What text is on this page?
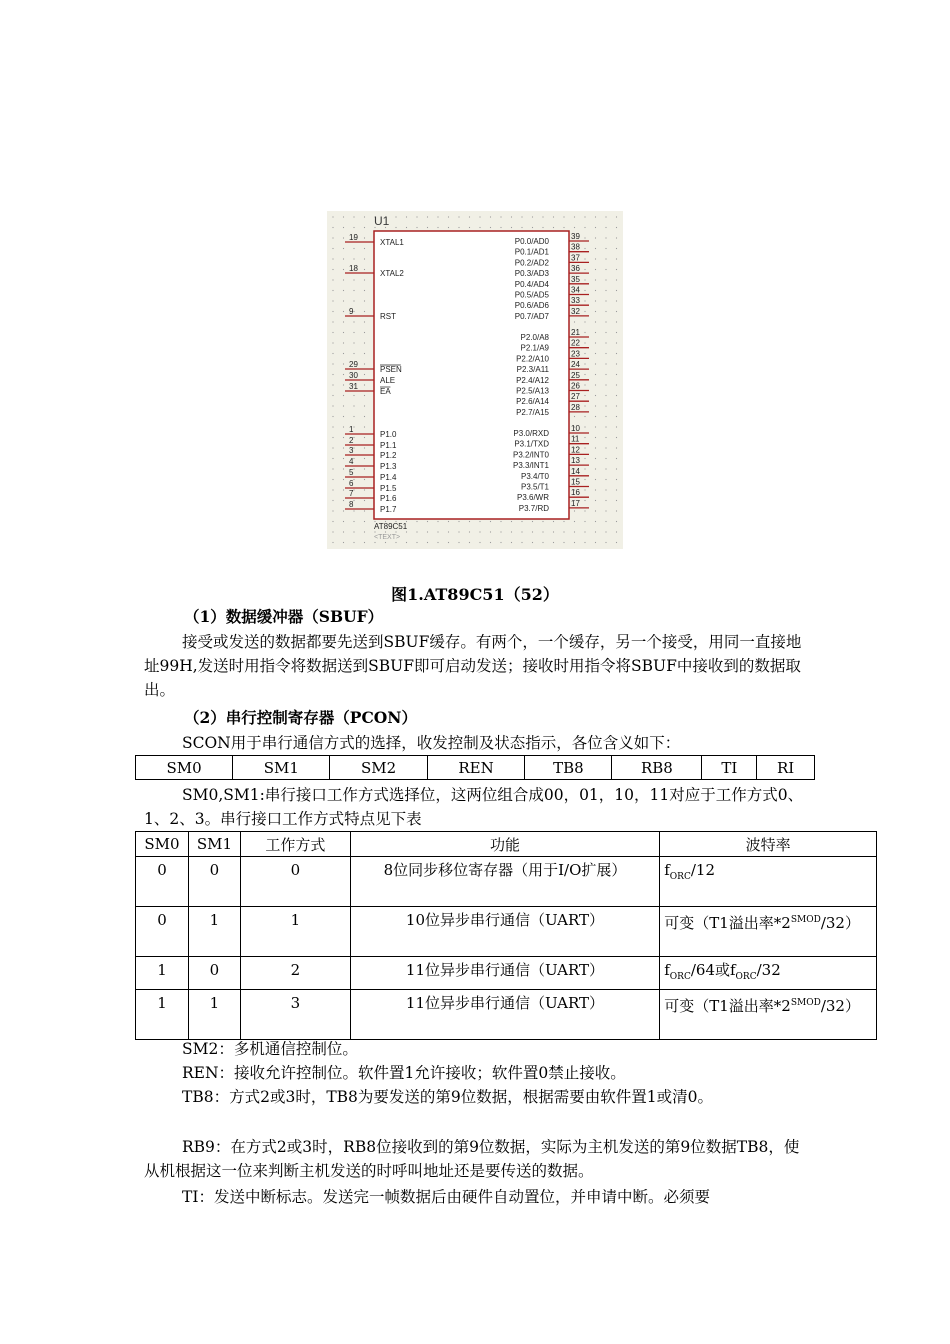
U1
19
XTAL1
18
XTAL2
9
RST
29
PSEN
30
ALE
31
EA
1
P1.0
2
P1.1
3
P1.2
4
P1.3
5
P1.4
6
P1.5
7
P1.6
8
P1.7
39
P0.0/AD0
38
P0.1/AD1
37
P0.2/AD2
36
P0.3/AD3
35
P0.4/AD4
34
P0.5/AD5
33
P0.6/AD6
32
P0.7/AD7
21
P2.0/A8
22
P2.1/A9
23
P2.2/A10
24
P2.3/A11
25
P2.4/A12
26
P2.5/A13
27
P2.6/A14
28
P2.7/A15
10
P3.0/RXD
11
P3.1/TXD
12
P3.2/INT0
13
P3.3/INT1
14
P3.4/T0
15
P3.5/T1
16
P3.6/WR
17
P3.7/RD
AT89C51
<TEXT>
图1.AT89C51（52）
（1）数据缓冲器（SBUF）
接受或发送的数据都要先送到SBUF缓存。有两个，一个缓存，另一个接受，用同一直接地址99H,发送时用指令将数据送到SBUF即可启动发送；接收时用指令将SBUF中接收到的数据取出。
（2）串行控制寄存器（PCON）
SCON用于串行通信方式的选择，收发控制及状态指示，各位含义如下：
SM0	SM1	SM2	REN	TB8	RB8	TI	RI
SM0,SM1:串行接口工作方式选择位，这两位组合成00，01，10，11对应于工作方式0、1、2、3。串行接口工作方式特点见下表
SM0	SM1	工作方式	功能	波特率
0	0	0	8位同步移位寄存器（用于I/O扩展）	$f_{ORC}/12$
0	1	1	10位异步串行通信（UART）	可变（T1溢出率$*2^{SMOD}/32$）
1	0	2	11位异步串行通信（UART）	$f_{ORC}/64$或$f_{ORC}/32$
1	1	3	11位异步串行通信（UART）	可变（T1溢出率$*2^{SMOD}/32$）
SM2：多机通信控制位。
REN：接收允许控制位。软件置1允许接收；软件置0禁止接收。
TB8：方式2或3时，TB8为要发送的第9位数据，根据需要由软件置1或清0。
RB9：在方式2或3时，RB8位接收到的第9位数据，实际为主机发送的第9位数据TB8，使从机根据这一位来判断主机发送的时呼叫地址还是要传送的数据。
TI：发送中断标志。发送完一帧数据后由硬件自动置位，并申请中断。必须要
